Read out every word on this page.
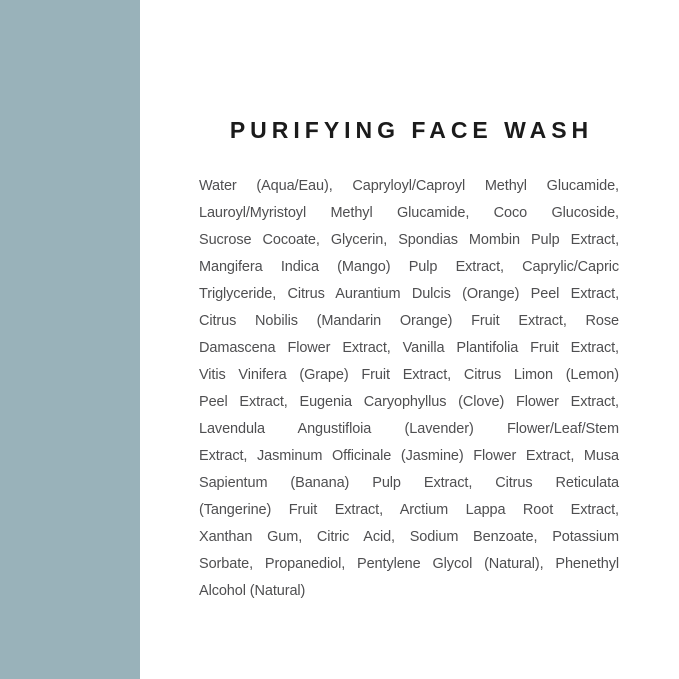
PURIFYING FACE WASH
Water (Aqua/Eau), Capryloyl/Caproyl Methyl Glucamide,
Lauroyl/Myristoyl Methyl Glucamide, Coco Glucoside,
Sucrose Cocoate, Glycerin, Spondias Mombin Pulp Extract,
Mangifera Indica (Mango) Pulp Extract, Caprylic/Capric
Triglyceride, Citrus Aurantium Dulcis (Orange) Peel Extract,
Citrus Nobilis (Mandarin Orange) Fruit Extract, Rose
Damascena Flower Extract, Vanilla Plantifolia Fruit Extract,
Vitis Vinifera (Grape) Fruit Extract, Citrus Limon (Lemon)
Peel Extract, Eugenia Caryophyllus (Clove) Flower Extract,
Lavendula Angustifloia (Lavender) Flower/Leaf/Stem
Extract, Jasminum Officinale (Jasmine) Flower Extract, Musa
Sapientum (Banana) Pulp Extract, Citrus Reticulata
(Tangerine) Fruit Extract, Arctium Lappa Root Extract,
Xanthan Gum, Citric Acid, Sodium Benzoate, Potassium
Sorbate, Propanediol, Pentylene Glycol (Natural), Phenethyl
Alcohol (Natural)
